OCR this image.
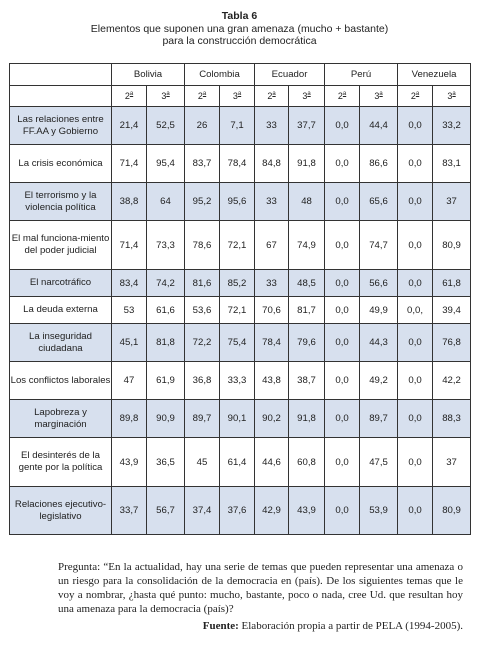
Tabla 6
Elementos que suponen una gran amenaza (mucho + bastante)
para la construcción democrática
	Bolivia		Colombia		Ecuador		Perú		Venezuela	
	2$^a$	3$^a$	2$^a$	3$^a$	2$^a$	3$^a$	2$^a$	3$^a$	2$^a$	3$^a$
Las relaciones entre FF.AA y Gobierno	21,4	52,5	26	7,1	33	37,7	0,0	44,4	0,0	33,2
La crisis económica	71,4	95,4	83,7	78,4	84,8	91,8	0,0	86,6	0,0	83,1
El terrorismo y la violencia política	38,8	64	95,2	95,6	33	48	0,0	65,6	0,0	37
El mal funciona-miento del poder judicial	71,4	73,3	78,6	72,1	67	74,9	0,0	74,7	0,0	80,9
El narcotráfico	83,4	74,2	81,6	85,2	33	48,5	0,0	56,6	0,0	61,8
La deuda externa	53	61,6	53,6	72,1	70,6	81,7	0,0	49,9	0,0,	39,4
La inseguridad ciudadana	45,1	81,8	72,2	75,4	78,4	79,6	0,0	44,3	0,0	76,8
Los conflictos laborales	47	61,9	36,8	33,3	43,8	38,7	0,0	49,2	0,0	42,2
Lapobreza y marginación	89,8	90,9	89,7	90,1	90,2	91,8	0,0	89,7	0,0	88,3
El desinterés de la gente por la política	43,9	36,5	45	61,4	44,6	60,8	0,0	47,5	0,0	37
Relaciones ejecutivo-legislativo	33,7	56,7	37,4	37,6	42,9	43,9	0,0	53,9	0,0	80,9
Pregunta: “En la actualidad, hay una serie de temas que pueden representar una amenaza o un riesgo para la consolidación de la democracia en (país). De los siguientes temas que le voy a nombrar, ¿hasta qué punto: mucho, bastante, poco o nada, cree Ud. que resultan hoy una amenaza para la democracia (país)?
Fuente: Elaboración propia a partir de PELA (1994-2005).
